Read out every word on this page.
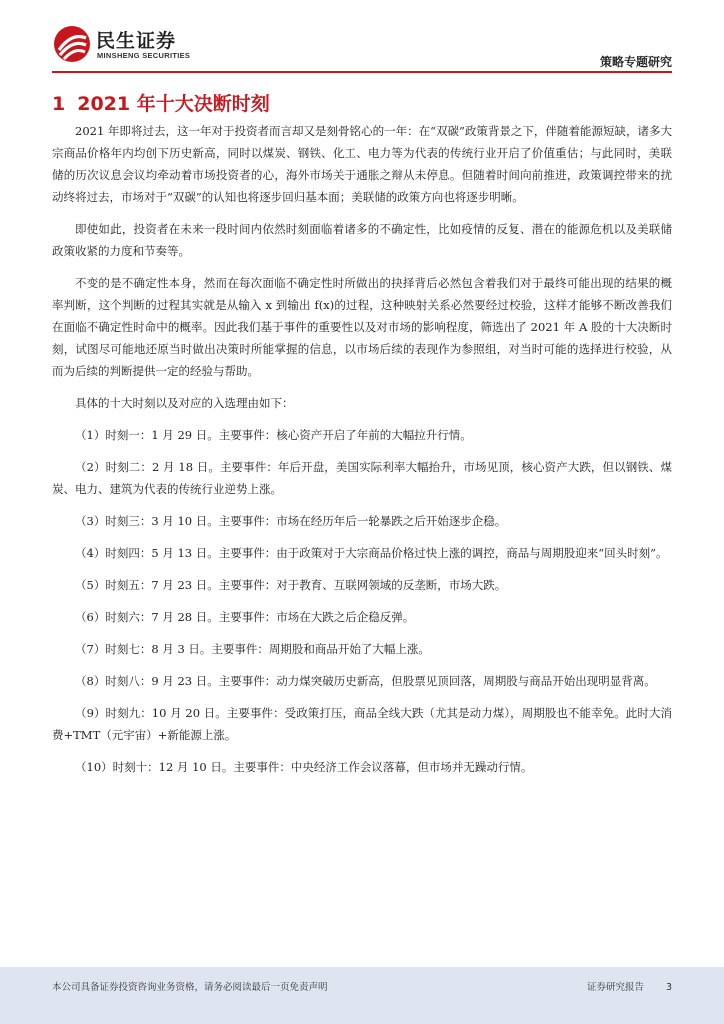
民生证券
MINSHENG SECURITIES	策略专题研究
1 2021 年十大决断时刻

2021 年即将过去，这一年对于投资者而言却又是刻骨铭心的一年：在“双碳”政策背景之下，伴随着能源短缺，诸多大宗商品价格年内均创下历史新高，同时以煤炭、钢铁、化工、电力等为代表的传统行业开启了价值重估；与此同时，美联储的历次议息会议均牵动着市场投资者的心，海外市场关于通胀之辩从未停息。但随着时间向前推进，政策调控带来的扰动终将过去，市场对于“双碳”的认知也将逐步回归基本面；美联储的政策方向也将逐步明晰。

即使如此，投资者在未来一段时间内依然时刻面临着诸多的不确定性，比如疫情的反复、潜在的能源危机以及美联储政策收紧的力度和节奏等。

不变的是不确定性本身，然而在每次面临不确定性时所做出的抉择背后必然包含着我们对于最终可能出现的结果的概率判断，这个判断的过程其实就是从输入 x 到输出 f(x)的过程，这种映射关系必然要经过校验，这样才能够不断改善我们在面临不确定性时命中的概率。因此我们基于事件的重要性以及对市场的影响程度，筛选出了 2021 年 A 股的十大决断时刻，试图尽可能地还原当时做出决策时所能掌握的信息，以市场后续的表现作为参照组，对当时可能的选择进行校验，从而为后续的判断提供一定的经验与帮助。

具体的十大时刻以及对应的入选理由如下：

（1）时刻一：1 月 29 日。主要事件：核心资产开启了年前的大幅拉升行情。

（2）时刻二：2 月 18 日。主要事件：年后开盘，美国实际利率大幅抬升，市场见顶，核心资产大跌，但以钢铁、煤炭、电力、建筑为代表的传统行业逆势上涨。

（3）时刻三：3 月 10 日。主要事件：市场在经历年后一轮暴跌之后开始逐步企稳。

（4）时刻四：5 月 13 日。主要事件：由于政策对于大宗商品价格过快上涨的调控，商品与周期股迎来“回头时刻”。

（5）时刻五：7 月 23 日。主要事件：对于教育、互联网领域的反垄断，市场大跌。

（6）时刻六：7 月 28 日。主要事件：市场在大跌之后企稳反弹。

（7）时刻七：8 月 3 日。主要事件：周期股和商品开始了大幅上涨。

（8）时刻八：9 月 23 日。主要事件：动力煤突破历史新高，但股票见顶回落，周期股与商品开始出现明显背离。

（9）时刻九：10 月 20 日。主要事件：受政策打压，商品全线大跌（尤其是动力煤），周期股也不能幸免。此时大消费+TMT（元宇宙）+新能源上涨。

（10）时刻十：12 月 10 日。主要事件：中央经济工作会议落幕，但市场并无躁动行情。

本公司具备证券投资咨询业务资格，请务必阅读最后一页免责声明	证券研究报告 3
